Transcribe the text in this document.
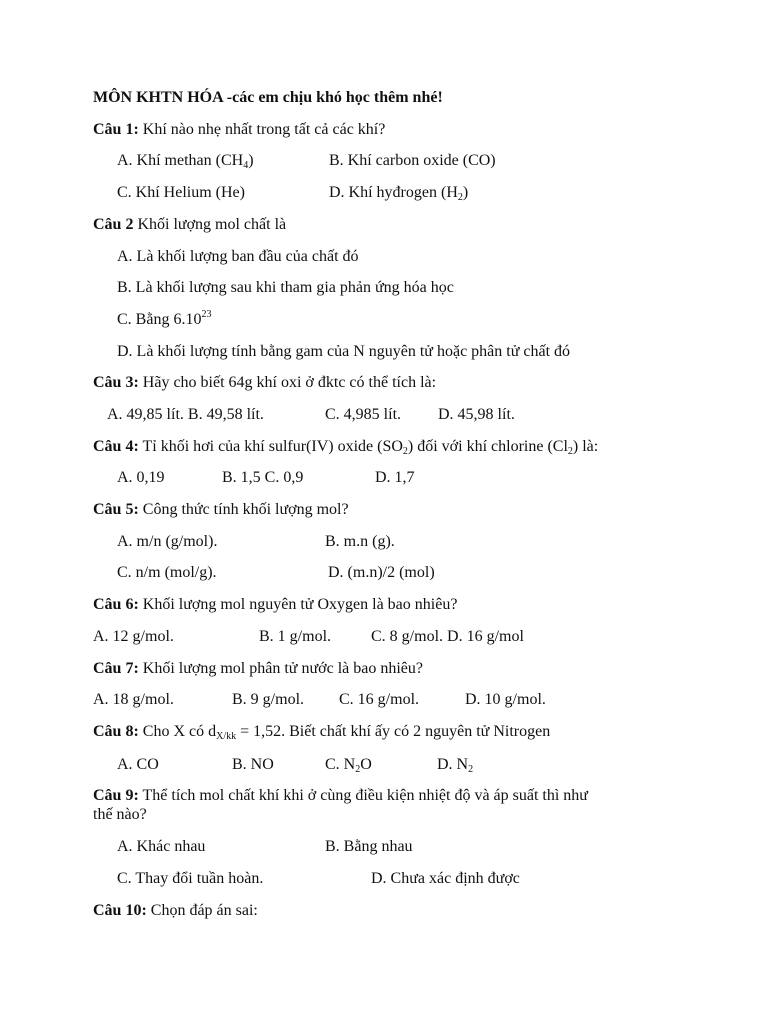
MÔN KHTN HÓA -các em chịu khó học thêm nhé!
Câu 1: Khí nào nhẹ nhất trong tất cả các khí?
A. Khí methan $(CH_4)$	B. Khí carbon oxide (CO)
C. Khí Helium (He)	D. Khí hyđrogen $(H_2)$
Câu 2 Khối lượng mol chất là
A. Là khối lượng ban đầu của chất đó
B. Là khối lượng sau khi tham gia phản ứng hóa học
C. Bằng 6.10$^{23}$
D. Là khối lượng tính bằng gam của N nguyên tử hoặc phân tử chất đó
Câu 3: Hãy cho biết 64g khí oxi ở đktc có thể tích là:
A. 49,85 lít. B. 49,58 lít.	C. 4,985 lít. D. 45,98 lít.
Câu 4: Tỉ khối hơi của khí sulfur(IV) oxide $(SO_2)$ đối với khí chlorine $(Cl_2)$ là:
A. 0,19	B. 1,5 C. 0,9	D. 1,7
Câu 5: Công thức tính khối lượng mol?
A. m/n (g/mol).	B. m.n (g).
C. n/m (mol/g).	D. (m.n)/2 (mol)
Câu 6: Khối lượng mol nguyên tử Oxygen là bao nhiêu?
A. 12 g/mol.	B. 1 g/mol. C. 8 g/mol. D. 16 g/mol
Câu 7: Khối lượng mol phân tử nước là bao nhiêu?
A. 18 g/mol.	B. 9 g/mol. C. 16 g/mol.	D. 10 g/mol.
Câu 8: Cho X có $d_{X/kk} = 1,52$. Biết chất khí ấy có 2 nguyên tử Nitrogen
A. CO	B. NO	C. $N_2O$	D. $N_2$
Câu 9: Thể tích mol chất khí khi ở cùng điều kiện nhiệt độ và áp suất thì như
thế nào?
A. Khác nhau	B. Bằng nhau
C. Thay đổi tuần hoàn.	D. Chưa xác định được
Câu 10: Chọn đáp án sai:
